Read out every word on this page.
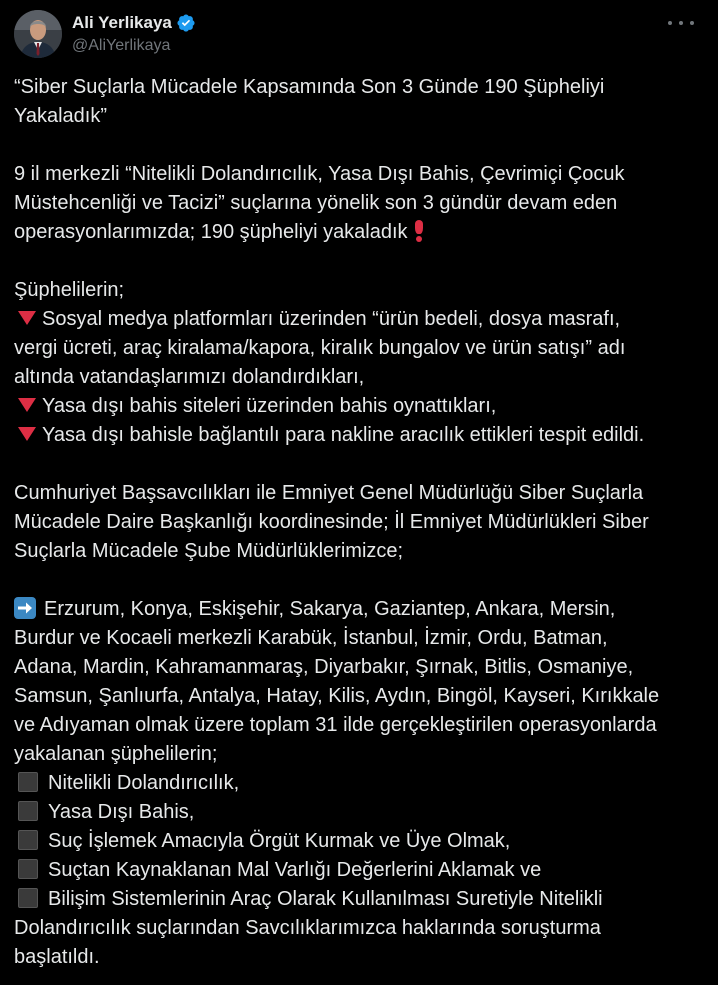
Ali Yerlikaya
@AliYerlikaya
“Siber Suçlarla Mücadele Kapsamında Son 3 Günde 190 Şüpheliyi
Yakaladık”
9 il merkezli “Nitelikli Dolandırıcılık, Yasa Dışı Bahis, Çevrimiçi Çocuk
Müstehcenliği ve Tacizi” suçlarına yönelik son 3 gündür devam eden
operasyonlarımızda; 190 şüpheliyi yakaladık
Şüphelilerin;
Sosyal medya platformları üzerinden “ürün bedeli, dosya masrafı,
vergi ücreti, araç kiralama/kapora, kiralık bungalov ve ürün satışı” adı
altında vatandaşlarımızı dolandırdıkları,
Yasa dışı bahis siteleri üzerinden bahis oynattıkları,
Yasa dışı bahisle bağlantılı para nakline aracılık ettikleri tespit edildi.
Cumhuriyet Başsavcılıkları ile Emniyet Genel Müdürlüğü Siber Suçlarla
Mücadele Daire Başkanlığı koordinesinde; İl Emniyet Müdürlükleri Siber
Suçlarla Mücadele Şube Müdürlüklerimizce;
Erzurum, Konya, Eskişehir, Sakarya, Gaziantep, Ankara, Mersin,
Burdur ve Kocaeli merkezli Karabük, İstanbul, İzmir, Ordu, Batman,
Adana, Mardin, Kahramanmaraş, Diyarbakır, Şırnak, Bitlis, Osmaniye,
Samsun, Şanlıurfa, Antalya, Hatay, Kilis, Aydın, Bingöl, Kayseri, Kırıkkale
ve Adıyaman olmak üzere toplam 31 ilde gerçekleştirilen operasyonlarda
yakalanan şüphelilerin;
Nitelikli Dolandırıcılık,
Yasa Dışı Bahis,
Suç İşlemek Amacıyla Örgüt Kurmak ve Üye Olmak,
Suçtan Kaynaklanan Mal Varlığı Değerlerini Aklamak ve
Bilişim Sistemlerinin Araç Olarak Kullanılması Suretiyle Nitelikli
Dolandırıcılık suçlarından Savcılıklarımızca haklarında soruşturma
başlatıldı.
